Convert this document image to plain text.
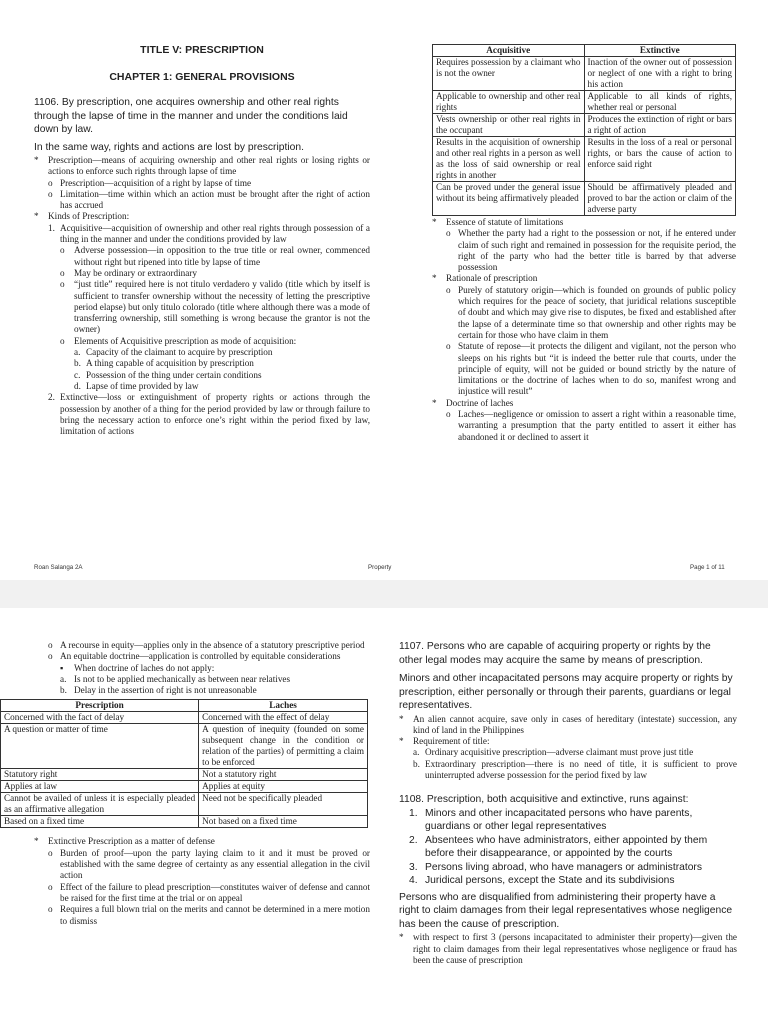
TITLE V: PRESCRIPTION
CHAPTER 1: GENERAL PROVISIONS

1106. By prescription, one acquires ownership and other real rights through the lapse of time in the manner and under the conditions laid down by law.

In the same way, rights and actions are lost by prescription.

*	Prescription—means of acquiring ownership and other real rights or losing rights or actions to enforce such rights through lapse of time
o Prescription—acquisition of a right by lapse of time
o Limitation—time within which an action must be brought after the right of action has accrued
*	Kinds of Prescription:
1. Acquisitive—acquisition of ownership and other real rights through possession of a thing in the manner and under the conditions provided by law
o	Adverse possession—in opposition to the true title or real owner, commenced without right but ripened into title by lapse of time
o	May be ordinary or extraordinary
o	“just title” required here is not titulo verdadero y valido (title which by itself is sufficient to transfer ownership without the necessity of letting the prescriptive period elapse) but only titulo colorado (title where although there was a mode of transferring ownership, still something is wrong because the grantor is not the owner)
o	Elements of Acquisitive prescription as mode of acquisition:
a. Capacity of the claimant to acquire by prescription
b. A thing capable of acquisition by prescription
c. Possession of the thing under certain conditions
d. Lapse of time provided by law
2. Extinctive—loss or extinguishment of property rights or actions through the possession by another of a thing for the period provided by law or through failure to bring the necessary action to enforce one’s right within the period fixed by law, limitation of actions
Acquisitive	Extinctive
Requires possession by a claimant who is not the owner	Inaction of the owner out of possession or neglect of one with a right to bring his action
Applicable to ownership and other real rights	Applicable to all kinds of rights, whether real or personal
Vests ownership or other real rights in the occupant	Produces the extinction of right or bars a right of action
Results in the acquisition of ownership and other real rights in a person as well as the loss of said ownership or real rights in another	Results in the loss of a real or personal rights, or bars the cause of action to enforce said right
Can be proved under the general issue without its being affirmatively pleaded	Should be affirmatively pleaded and proved to bar the action or claim of the adverse party
*	Essence of statute of limitations
o Whether the party had a right to the possession or not, if he entered under claim of such right and remained in possession for the requisite period, the right of the party who had the better title is barred by that adverse possession
*	Rationale of prescription
o Purely of statutory origin—which is founded on grounds of public policy which requires for the peace of society, that juridical relations susceptible of doubt and which may give rise to disputes, be fixed and established after the lapse of a determinate time so that ownership and other rights may be certain for those who have claim in them
o Statute of repose—it protects the diligent and vigilant, not the person who sleeps on his rights but “it is indeed the better rule that courts, under the principle of equity, will not be guided or bound strictly by the nature of limitations or the doctrine of laches when to do so, manifest wrong and injustice will result”
*	Doctrine of laches
o Laches—negligence or omission to assert a right within a reasonable time, warranting a presumption that the party entitled to assert it either has abandoned it or declined to assert it
Roan Salanga 2A	Property	Page 1 of 11
o A recourse in equity—applies only in the absence of a statutory prescriptive period
o An equitable doctrine—application is controlled by equitable considerations
▪	When doctrine of laches do not apply:
a. Is not to be applied mechanically as between near relatives
b. Delay in the assertion of right is not unreasonable
Prescription	Laches
Concerned with the fact of delay	Concerned with the effect of delay
A question or matter of time	A question of inequity (founded on some subsequent change in the condition or relation of the parties) of permitting a claim to be enforced
Statutory right	Not a statutory right
Applies at law	Applies at equity
Cannot be availed of unless it is especially pleaded as an affirmative allegation	Need not be specifically pleaded
Based on a fixed time	Not based on a fixed time
*	Extinctive Prescription as a matter of defense
o Burden of proof—upon the party laying claim to it and it must be proved or established with the same degree of certainty as any essential allegation in the civil action
o Effect of the failure to plead prescription—constitutes waiver of defense and cannot be raised for the first time at the trial or on appeal
o Requires a full blown trial on the merits and cannot be determined in a mere motion to dismiss

1107. Persons who are capable of acquiring property or rights by the other legal modes may acquire the same by means of prescription.

Minors and other incapacitated persons may acquire property or rights by prescription, either personally or through their parents, guardians or legal representatives.

*	An alien cannot acquire, save only in cases of hereditary (intestate) succession, any kind of land in the Philippines
*	Requirement of title:
a. Ordinary acquisitive prescription—adverse claimant must prove just title
b. Extraordinary prescription—there is no need of title, it is sufficient to prove uninterrupted adverse possession for the period fixed by law

1108. Prescription, both acquisitive and extinctive, runs against:

1. Minors and other incapacitated persons who have parents, guardians or other legal representatives
2. Absentees who have administrators, either appointed by them before their disappearance, or appointed by the courts
3. Persons living abroad, who have managers or administrators
4. Juridical persons, except the State and its subdivisions

Persons who are disqualified from administering their property have a right to claim damages from their legal representatives whose negligence has been the cause of prescription.

*	with respect to first 3 (persons incapacitated to administer their property)—given the right to claim damages from their legal representatives whose negligence or fraud has been the cause of prescription
